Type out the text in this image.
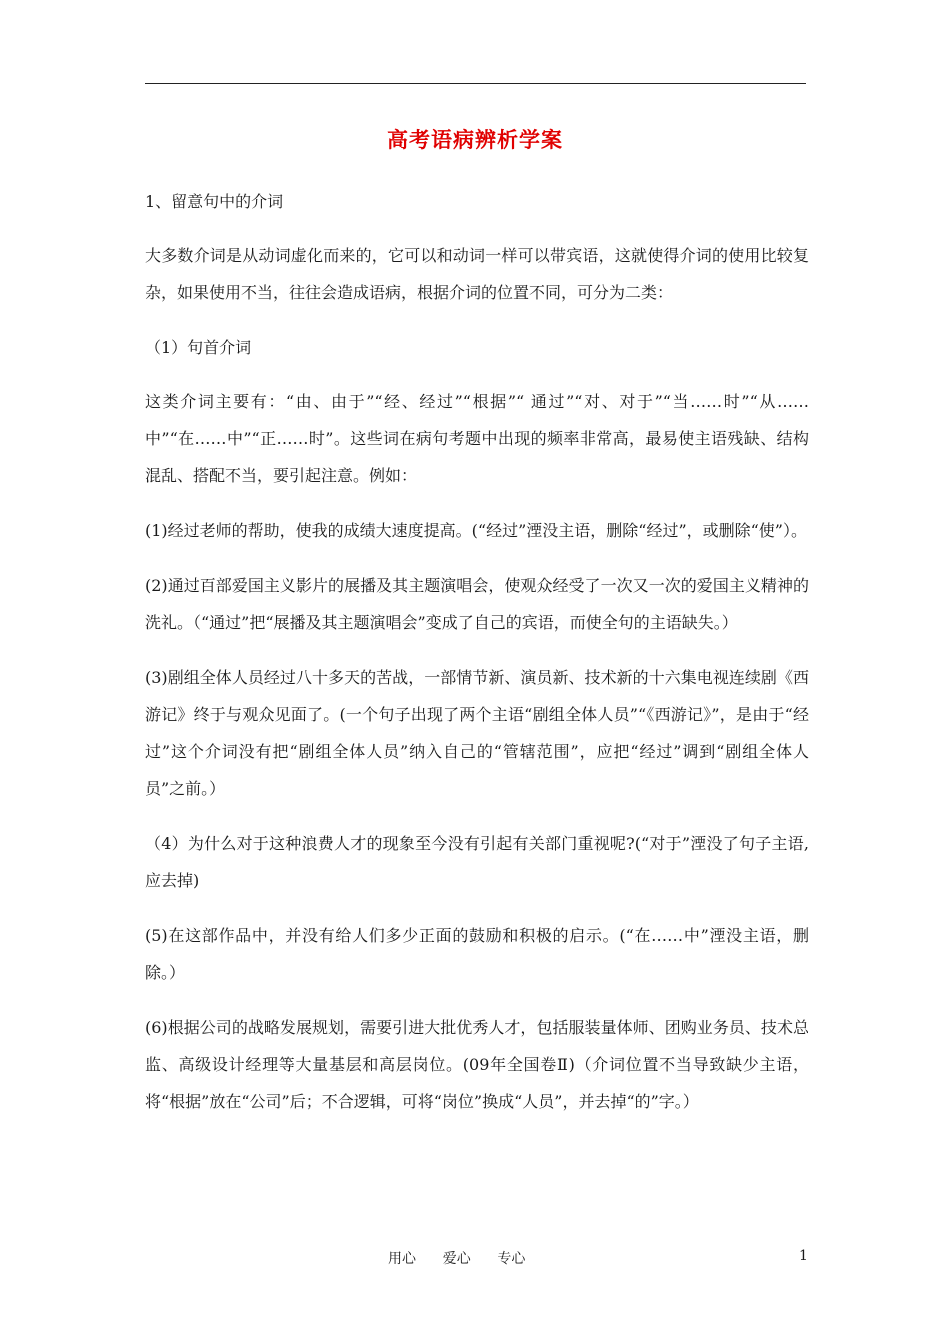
高考语病辨析学案

1、留意句中的介词

大多数介词是从动词虚化而来的，它可以和动词一样可以带宾语，这就使得介词的使用比较复杂，如果使用不当，往往会造成语病，根据介词的位置不同，可分为二类：

（1）句首介词

这类介词主要有：“由、由于”“经、经过”“根据”“ 通过”“对、对于”“当……时”“从……中”“在……中”“正……时”。这些词在病句考题中出现的频率非常高，最易使主语残缺、结构混乱、搭配不当，要引起注意。例如：

(1)经过老师的帮助，使我的成绩大速度提高。(“经过”湮没主语，删除“经过”，或删除“使”）。

(2)通过百部爱国主义影片的展播及其主题演唱会，使观众经受了一次又一次的爱国主义精神的洗礼。（“通过”把“展播及其主题演唱会”变成了自己的宾语，而使全句的主语缺失。）

(3)剧组全体人员经过八十多天的苦战，一部情节新、演员新、技术新的十六集电视连续剧《西游记》终于与观众见面了。(一个句子出现了两个主语“剧组全体人员”“《西游记》”，是由于“经过”这个介词没有把“剧组全体人员”纳入自己的“管辖范围”，应把“经过”调到“剧组全体人员”之前。）

（4）为什么对于这种浪费人才的现象至今没有引起有关部门重视呢?(“对于”湮没了句子主语,应去掉)

(5)在这部作品中，并没有给人们多少正面的鼓励和积极的启示。(“在……中”湮没主语，删除。）

(6)根据公司的战略发展规划，需要引进大批优秀人才，包括服装量体师、团购业务员、技术总监、高级设计经理等大量基层和高层岗位。(09年全国卷Ⅱ)（介词位置不当导致缺少主语，将“根据”放在“公司”后；不合逻辑，可将“岗位”换成“人员”，并去掉“的”字。）

用心      爱心      专心	1
